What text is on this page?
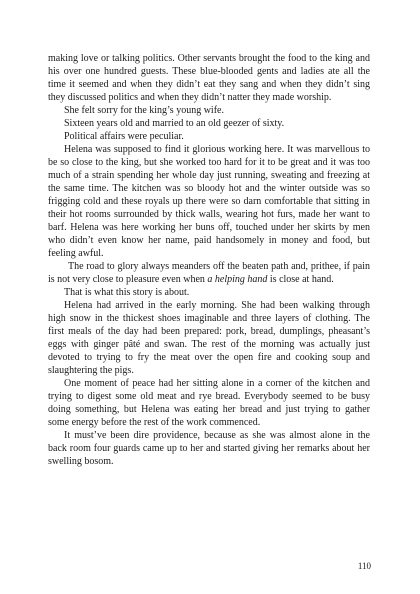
making love or talking politics. Other servants brought the food to the king and his over one hundred guests. These blue-blooded gents and ladies ate all the time it seemed and when they didn’t eat they sang and when they didn’t sing they discussed politics and when they didn’t natter they made worship.

She felt sorry for the king’s young wife.

Sixteen years old and married to an old geezer of sixty.

Political affairs were peculiar.

Helena was supposed to find it glorious working here. It was marvellous to be so close to the king, but she worked too hard for it to be great and it was too much of a strain spending her whole day just running, sweating and freezing at the same time. The kitchen was so bloody hot and the winter outside was so frigging cold and these royals up there were so darn comfortable that sitting in their hot rooms surrounded by thick walls, wearing hot furs, made her want to barf. Helena was here working her buns off, touched under her skirts by men who didn’t even know her name, paid handsomely in money and food, but feeling awful.

The road to glory always meanders off the beaten path and, prithee, if pain is not very close to pleasure even when a helping hand is close at hand.

That is what this story is about.

Helena had arrived in the early morning. She had been walking through high snow in the thickest shoes imaginable and three layers of clothing. The first meals of the day had been prepared: pork, bread, dumplings, pheasant’s eggs with ginger pâté and swan. The rest of the morning was actually just devoted to trying to fry the meat over the open fire and cooking soup and slaughtering the pigs.

One moment of peace had her sitting alone in a corner of the kitchen and trying to digest some old meat and rye bread. Everybody seemed to be busy doing something, but Helena was eating her bread and just trying to gather some energy before the rest of the work commenced.

It must’ve been dire providence, because as she was almost alone in the back room four guards came up to her and started giving her remarks about her swelling bosom.

110
